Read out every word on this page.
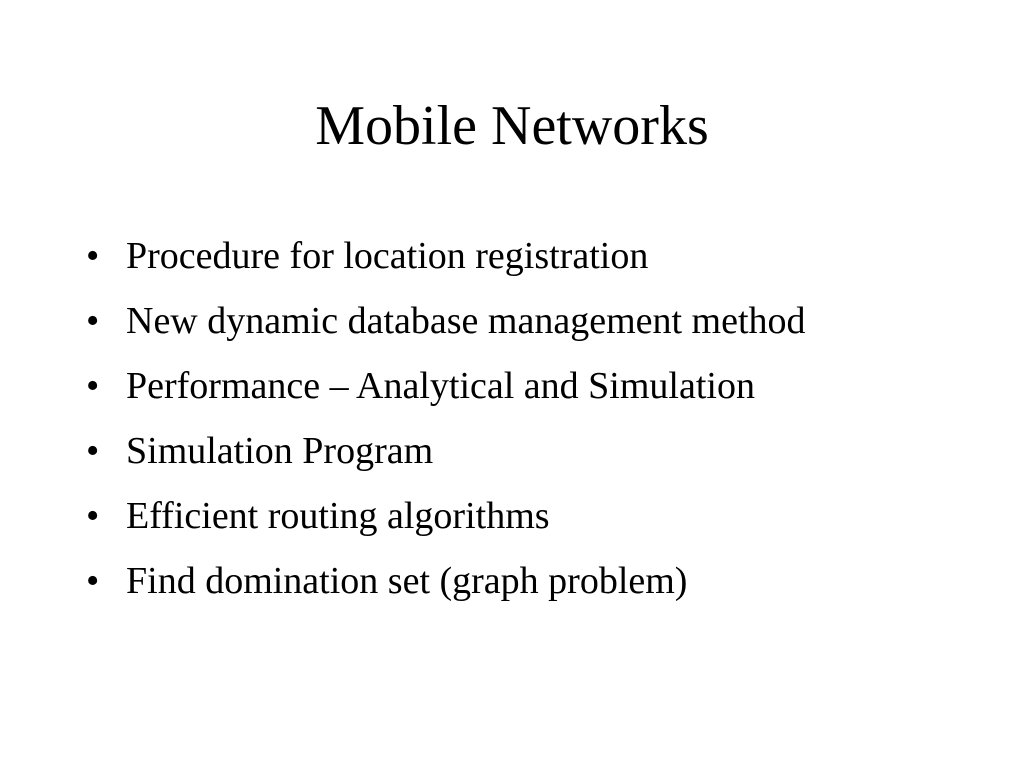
Mobile Networks
• Procedure for location registration
• New dynamic database management method
• Performance – Analytical and Simulation
• Simulation Program
• Efficient routing algorithms
• Find domination set (graph problem)
